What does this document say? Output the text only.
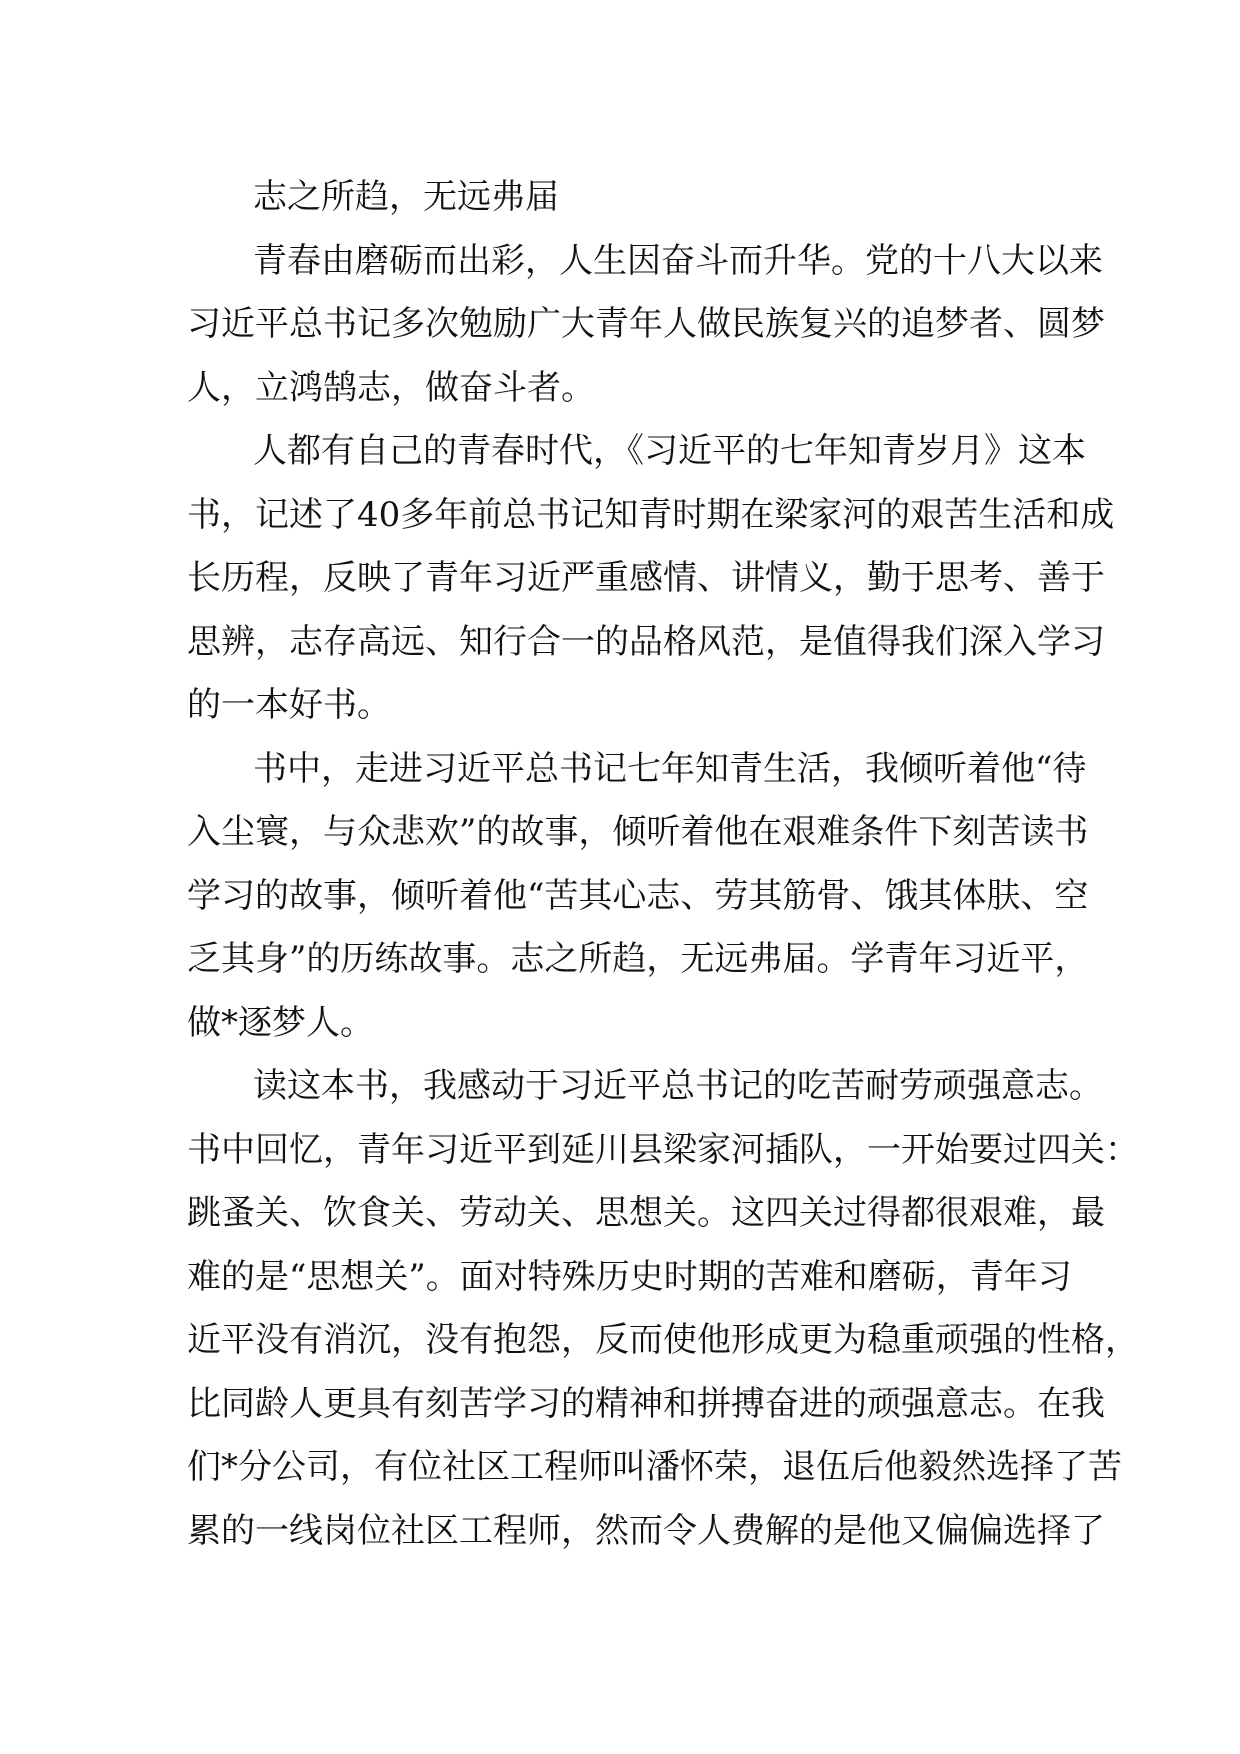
志之所趋，无远弗届
青春由磨砺而出彩，人生因奋斗而升华。党的十八大以来
习近平总书记多次勉励广大青年人做民族复兴的追梦者、圆梦
人，立鸿鹄志，做奋斗者。
人都有自己的青春时代，《习近平的七年知青岁月》这本
书，记述了40多年前总书记知青时期在梁家河的艰苦生活和成
长历程，反映了青年习近严重感情、讲情义，勤于思考、善于
思辨，志存高远、知行合一的品格风范，是值得我们深入学习
的一本好书。
书中，走进习近平总书记七年知青生活，我倾听着他“待
入尘寰，与众悲欢”的故事，倾听着他在艰难条件下刻苦读书
学习的故事，倾听着他“苦其心志、劳其筋骨、饿其体肤、空
乏其身”的历练故事。志之所趋，无远弗届。学青年习近平，
做*逐梦人。
读这本书，我感动于习近平总书记的吃苦耐劳顽强意志。
书中回忆，青年习近平到延川县梁家河插队，一开始要过四关：
跳蚤关、饮食关、劳动关、思想关。这四关过得都很艰难，最
难的是“思想关”。面对特殊历史时期的苦难和磨砺，青年习
近平没有消沉，没有抱怨，反而使他形成更为稳重顽强的性格，
比同龄人更具有刻苦学习的精神和拼搏奋进的顽强意志。在我
们*分公司，有位社区工程师叫潘怀荣，退伍后他毅然选择了苦
累的一线岗位社区工程师，然而令人费解的是他又偏偏选择了
